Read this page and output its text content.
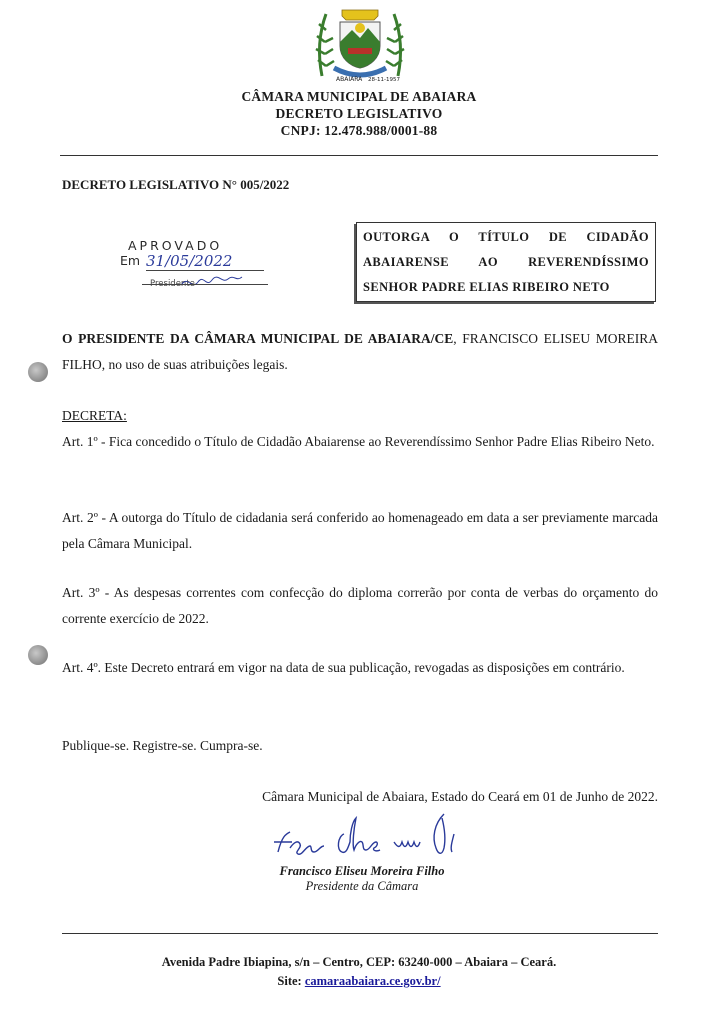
ABAIARA 28-11-1957
CÂMARA MUNICIPAL DE ABAIARA
DECRETO LEGISLATIVO
CNPJ: 12.478.988/0001-88
DECRETO LEGISLATIVO N° 005/2022
APROVADO
Em 31/05/2022
Presidente
OUTORGA O TÍTULO DE CIDADÃO ABAIARENSE AO REVERENDÍSSIMO SENHOR PADRE ELIAS RIBEIRO NETO
O PRESIDENTE DA CÂMARA MUNICIPAL DE ABAIARA/CE, FRANCISCO ELISEU MOREIRA FILHO, no uso de suas atribuições legais.
DECRETA:
Art. 1º - Fica concedido o Título de Cidadão Abaiarense ao Reverendíssimo Senhor Padre Elias Ribeiro Neto.
Art. 2º - A outorga do Título de cidadania será conferido ao homenageado em data a ser previamente marcada pela Câmara Municipal.
Art. 3º - As despesas correntes com confecção do diploma correrão por conta de verbas do orçamento do corrente exercício de 2022.
Art. 4º. Este Decreto entrará em vigor na data de sua publicação, revogadas as disposições em contrário.
Publique-se. Registre-se. Cumpra-se.
Câmara Municipal de Abaiara, Estado do Ceará em 01 de Junho de 2022.
Francisco Eliseu Moreira Filho
Presidente da Câmara
Avenida Padre Ibiapina, s/n – Centro, CEP: 63240-000 – Abaiara – Ceará.
Site: camaraabaiara.ce.gov.br/
